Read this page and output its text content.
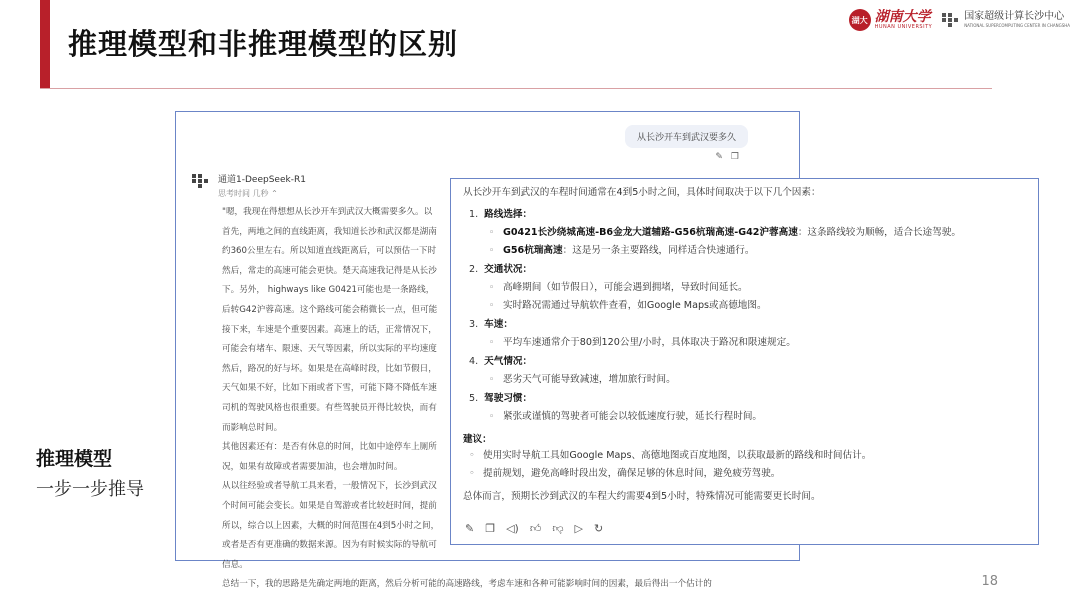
推理模型和非推理模型的区别
湖大 湖南大学
HUNAN UNIVERSITY
国家超级计算长沙中心
NATIONAL SUPERCOMPUTING CENTER IN CHANGSHA
推理模型
一步一步推导
18
从长沙开车到武汉要多久
✎ ❐
通道1-DeepSeek-R1
思考时间 几秒 ⌃

"嗯，我现在得想想从长沙开车到武汉大概需要多久。以

首先，两地之间的直线距离，我知道长沙和武汉都是湖南

约360公里左右。所以知道直线距离后，可以预估一下时

然后，常走的高速可能会更快。楚天高速我记得是从长沙

下。另外， highways like G0421可能也是一条路线，

后转G42沪蓉高速。这个路线可能会稍微长一点，但可能

接下来，车速是个重要因素。高速上的话，正常情况下，

可能会有堵车、限速、天气等因素，所以实际的平均速度

然后，路况的好与坏。如果是在高峰时段，比如节假日，

天气如果不好，比如下雨或者下雪，可能下降不降低车速

司机的驾驶风格也很重要。有些驾驶员开得比较快，而有

而影响总时间。

其他因素还有：是否有休息的时间，比如中途停车上厕所

况，如果有故障或者需要加油，也会增加时间。

从以往经验或者导航工具来看，一般情况下，长沙到武汉

个时间可能会变长。如果是自驾游或者比较赶时间，提前

所以，综合以上因素，大概的时间范围在4到5小时之间，

或者是否有更准确的数据来源。因为有时候实际的导航可

信息。

总结一下，我的思路是先确定两地的距离，然后分析可能的高速路线，考虑车速和各种可能影响时间的因素，最后得出一个估计的

从长沙开车到武汉的车程时间通常在4到5小时之间，具体时间取决于以下几个因素：
1. 路线选择：
◦ G0421长沙绕城高速-B6金龙大道辅路-G56杭瑞高速-G42沪蓉高速：这条路线较为顺畅，适合长途驾驶。
◦ G56杭瑞高速：这是另一条主要路线，同样适合快速通行。
2. 交通状况：
◦ 高峰期间（如节假日），可能会遇到拥堵，导致时间延长。
◦ 实时路况需通过导航软件查看，如Google Maps或高德地图。
3. 车速：
◦ 平均车速通常介于80到120公里/小时，具体取决于路况和限速规定。
4. 天气情况：
◦ 恶劣天气可能导致减速，增加旅行时间。
5. 驾驶习惯：
◦ 紧张或谨慎的驾驶者可能会以较低速度行驶，延长行程时间。
建议：
◦ 使用实时导航工具如Google Maps、高德地图或百度地图，以获取最新的路线和时间估计。
◦ 提前规划，避免高峰时段出发，确保足够的休息时间，避免疲劳驾驶。
总体而言，预期长沙到武汉的车程大约需要4到5小时，特殊情况可能需要更长时间。
✎ ❐ ◁) 👍︎ 👎︎ ▷ ↻
